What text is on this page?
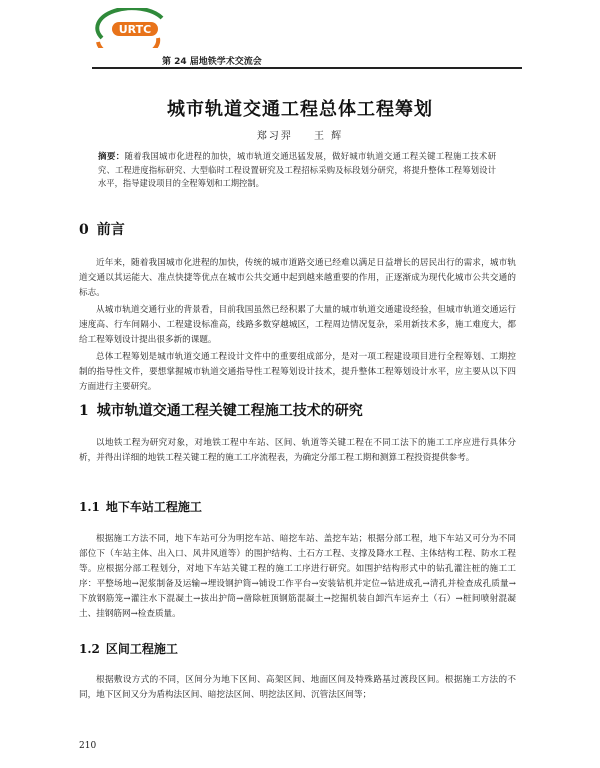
URTC
第 24 届地铁学术交流会
城市轨道交通工程总体工程筹划
郑习羿 王 辉
摘要：随着我国城市化进程的加快，城市轨道交通迅猛发展，做好城市轨道交通工程关键工程施工技术研究、工程进度指标研究、大型临时工程设置研究及工程招标采购及标段划分研究，将提升整体工程筹划设计水平，指导建设项目的全程筹划和工期控制。
0 前言
近年来，随着我国城市化进程的加快，传统的城市道路交通已经难以满足日益增长的居民出行的需求，城市轨道交通以其运能大、准点快捷等优点在城市公共交通中起到越来越重要的作用，正逐渐成为现代化城市公共交通的标志。
从城市轨道交通行业的背景看，目前我国虽然已经积累了大量的城市轨道交通建设经验，但城市轨道交通运行速度高、行车间隔小、工程建设标准高，线路多数穿越城区，工程周边情况复杂，采用新技术多，施工难度大，都给工程筹划设计提出很多新的课题。
总体工程筹划是城市轨道交通工程设计文件中的重要组成部分，是对一项工程建设项目进行全程筹划、工期控制的指导性文件，要想掌握城市轨道交通指导性工程筹划设计技术，提升整体工程筹划设计水平，应主要从以下四方面进行主要研究。
1 城市轨道交通工程关键工程施工技术的研究
以地铁工程为研究对象，对地铁工程中车站、区间、轨道等关键工程在不同工法下的施工工序应进行具体分析，并得出详细的地铁工程关键工程的施工工序流程表，为确定分部工程工期和测算工程投资提供参考。
1.1 地下车站工程施工
根据施工方法不同，地下车站可分为明挖车站、暗挖车站、盖挖车站；根据分部工程，地下车站又可分为不同部位下（车站主体、出入口、风井风道等）的围护结构、土石方工程、支撑及降水工程、主体结构工程、防水工程等。应根据分部工程划分，对地下车站关键工程的施工工序进行研究。如围护结构形式中的钻孔灌注桩的施工工序：平整场地→泥浆制备及运输→埋设钢护筒→铺设工作平台→安装钻机并定位→钻进成孔→清孔并检查成孔质量→下放钢筋笼→灌注水下混凝土→拔出护筒→凿除桩顶钢筋混凝土→挖掘机装自卸汽车运弃土（石）→桩间喷射混凝土、挂钢筋网→检查质量。
1.2 区间工程施工
根据敷设方式的不同，区间分为地下区间、高架区间、地面区间及特殊路基过渡段区间。根据施工方法的不同，地下区间又分为盾构法区间、暗挖法区间、明挖法区间、沉管法区间等；
210
